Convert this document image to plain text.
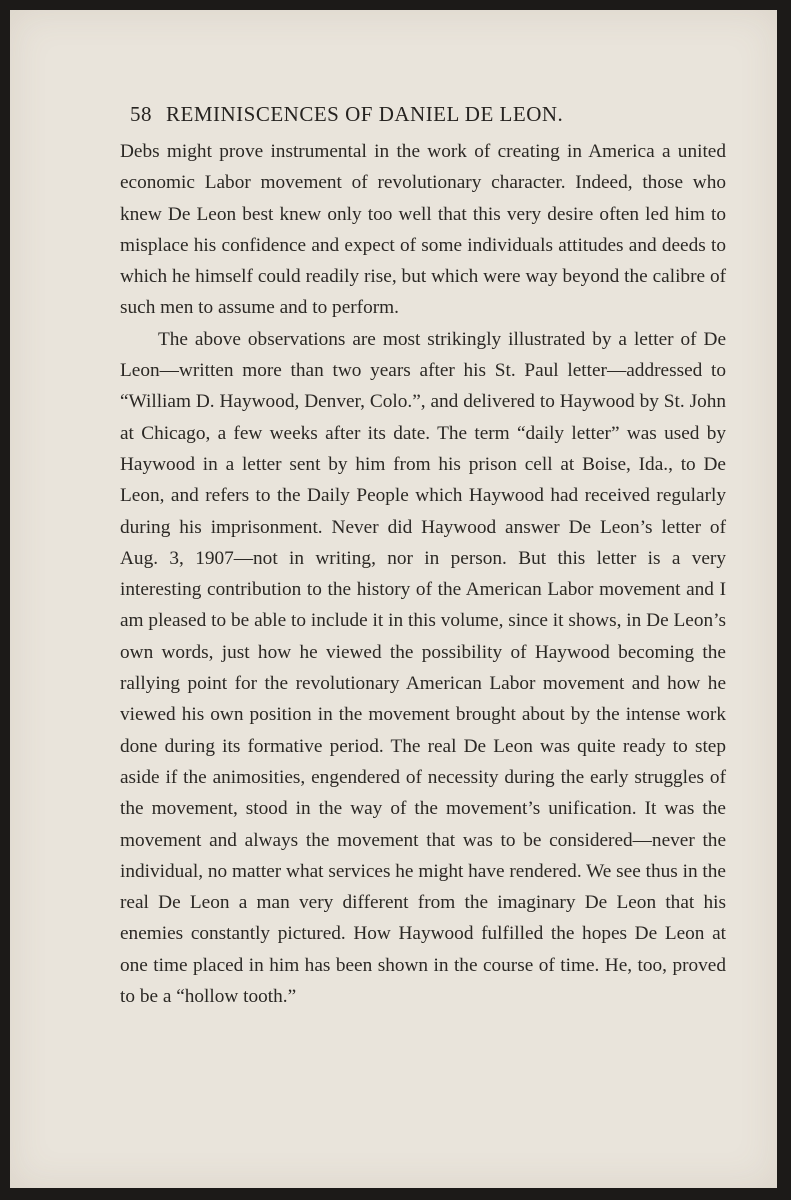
58 REMINISCENCES OF DANIEL DE LEON.

Debs might prove instrumental in the work of creating in America a united economic Labor movement of revolutionary character. Indeed, those who knew De Leon best knew only too well that this very desire often led him to misplace his confidence and expect of some individuals attitudes and deeds to which he himself could readily rise, but which were way beyond the calibre of such men to assume and to perform.

The above observations are most strikingly illustrated by a letter of De Leon—written more than two years after his St. Paul letter—addressed to “William D. Haywood, Denver, Colo.”, and delivered to Haywood by St. John at Chicago, a few weeks after its date. The term “daily letter” was used by Haywood in a letter sent by him from his prison cell at Boise, Ida., to De Leon, and refers to the Daily People which Haywood had received regularly during his imprisonment. Never did Haywood answer De Leon’s letter of Aug. 3, 1907—not in writing, nor in person. But this letter is a very interesting contribution to the history of the American Labor movement and I am pleased to be able to include it in this volume, since it shows, in De Leon’s own words, just how he viewed the possibility of Haywood becoming the rallying point for the revolutionary American Labor movement and how he viewed his own position in the movement brought about by the intense work done during its formative period. The real De Leon was quite ready to step aside if the animosities, engendered of necessity during the early struggles of the movement, stood in the way of the movement’s unification. It was the movement and always the movement that was to be considered—never the individual, no matter what services he might have rendered. We see thus in the real De Leon a man very different from the imaginary De Leon that his enemies constantly pictured. How Haywood fulfilled the hopes De Leon at one time placed in him has been shown in the course of time. He, too, proved to be a “hollow tooth.”
